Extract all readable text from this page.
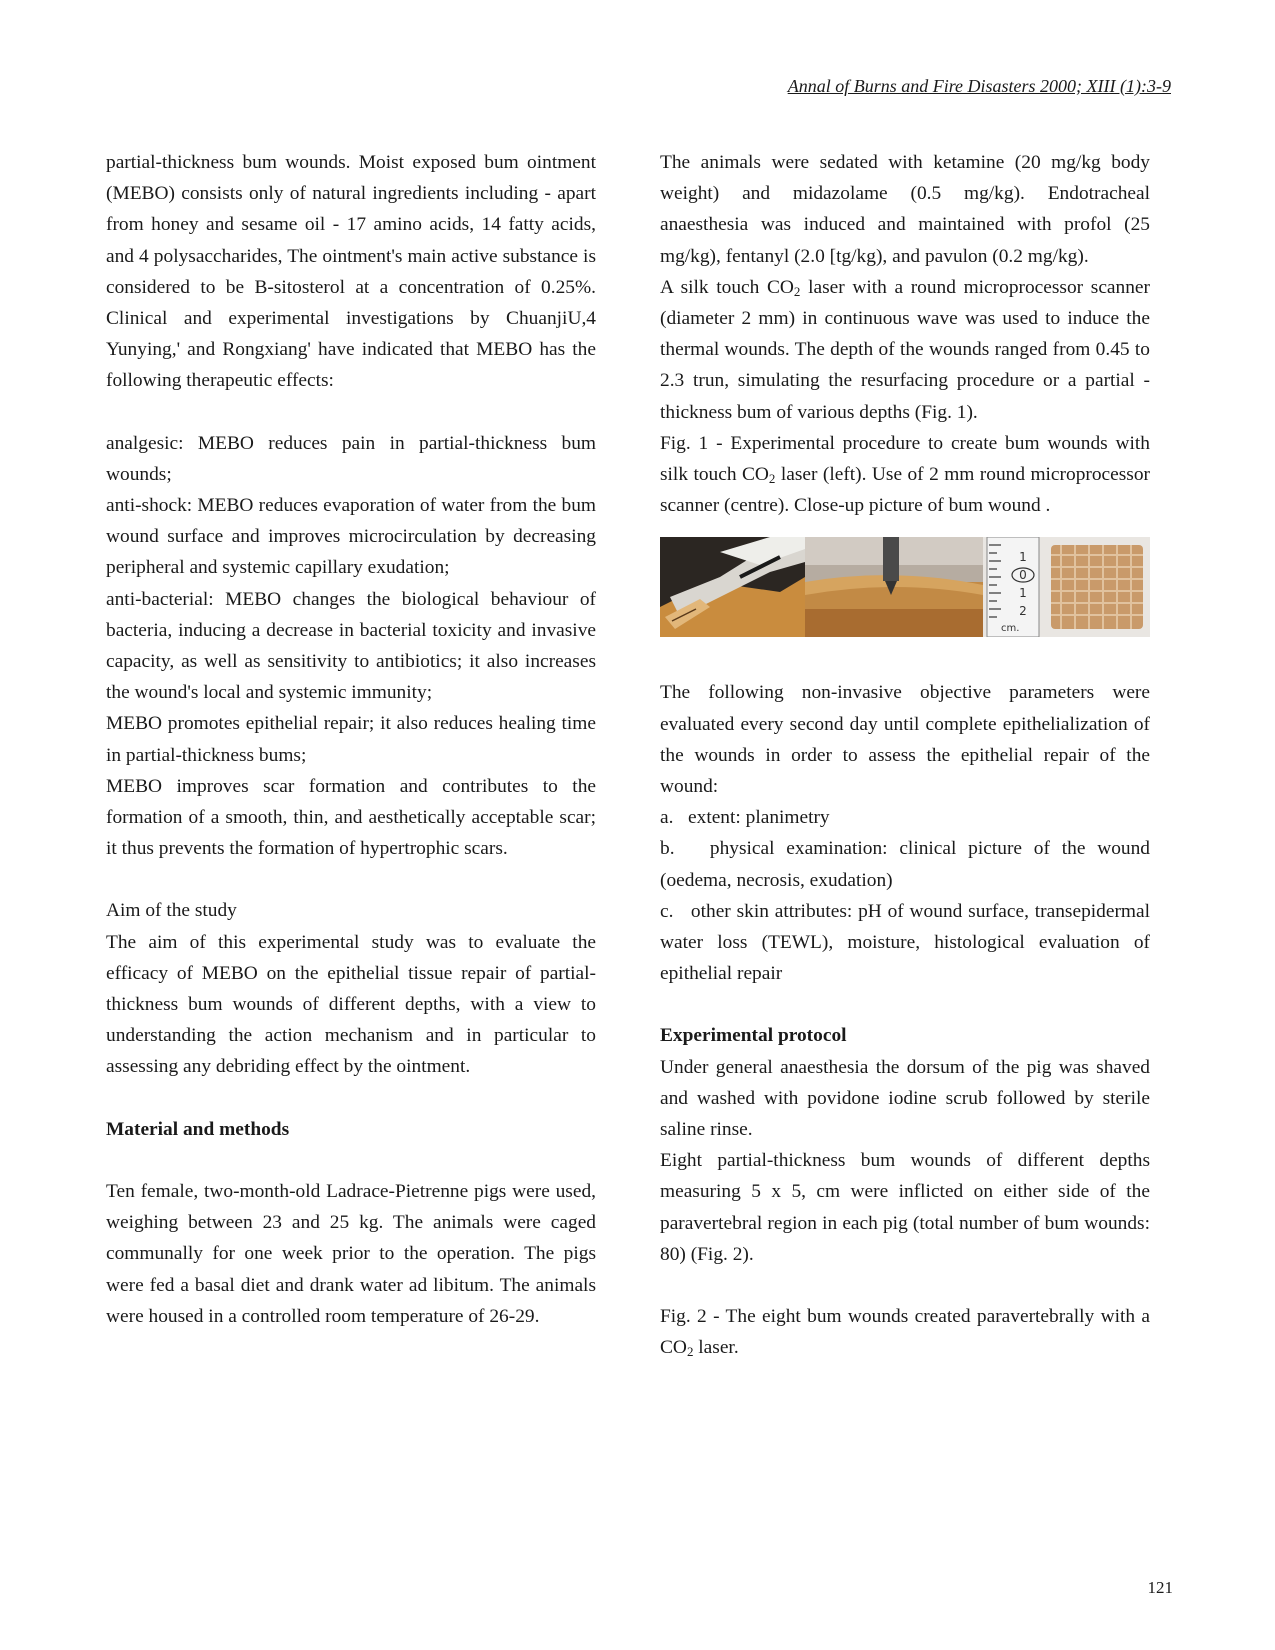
Annal of Burns and Fire Disasters 2000; XIII (1):3-9

partial-thickness bum wounds. Moist exposed bum ointment (MEBO) consists only of natural ingredients including - apart from honey and sesame oil - 17 amino acids, 14 fatty acids, and 4 polysaccharides, The ointment's main active substance is considered to be B-sitosterol at a concentration of 0.25%. Clinical and experimental investigations by ChuanjiU,4 Yunying,' and Rongxiang' have indicated that MEBO has the following therapeutic effects:

analgesic: MEBO reduces pain in partial-thickness bum wounds;

anti-shock: MEBO reduces evaporation of water from the bum wound surface and improves microcirculation by decreasing peripheral and systemic capillary exudation;

anti-bacterial: MEBO changes the biological behaviour of bacteria, inducing a decrease in bacterial toxicity and invasive capacity, as well as sensitivity to antibiotics; it also increases the wound's local and systemic immunity;

MEBO promotes epithelial repair; it also reduces healing time in partial-thickness bums;

MEBO improves scar formation and contributes to the formation of a smooth, thin, and aesthetically acceptable scar; it thus prevents the formation of hypertrophic scars.

Aim of the study

The aim of this experimental study was to evaluate the efficacy of MEBO on the epithelial tissue repair of partial-thickness bum wounds of different depths, with a view to understanding the action mechanism and in particular to assessing any debriding effect by the ointment.

Material and methods

Ten female, two-month-old Ladrace-Pietrenne pigs were used, weighing between 23 and 25 kg. The animals were caged communally for one week prior to the operation. The pigs were fed a basal diet and drank water ad libitum. The animals were housed in a controlled room temperature of 26-29.

The animals were sedated with ketamine (20 mg/kg body weight) and midazolame (0.5 mg/kg). Endotracheal anaesthesia was induced and maintained with profol (25 mg/kg), fentanyl (2.0 [tg/kg), and pavulon (0.2 mg/kg).

A silk touch $CO_2$ laser with a round microprocessor scanner (diameter 2 mm) in continuous wave was used to induce the thermal wounds. The depth of the wounds ranged from 0.45 to 2.3 trun, simulating the resurfacing procedure or a partial -thickness bum of various depths (Fig. 1).

Fig. 1 - Experimental procedure to create bum wounds with silk touch $CO_2$ laser (left). Use of 2 mm round microprocessor scanner (centre). Close-up picture of bum wound .

1
0
1
2
cm.

The following non-invasive objective parameters were evaluated every second day until complete epithelialization of the wounds in order to assess the epithelial repair of the wound:

a. extent: planimetry

b. physical examination: clinical picture of the wound (oedema, necrosis, exudation)

c. other skin attributes: pH of wound surface, transepidermal water loss (TEWL), moisture, histological evaluation of epithelial repair

Experimental protocol

Under general anaesthesia the dorsum of the pig was shaved and washed with povidone iodine scrub followed by sterile saline rinse.

Eight partial-thickness bum wounds of different depths measuring 5 x 5, cm were inflicted on either side of the paravertebral region in each pig (total number of bum wounds: 80) (Fig. 2).

Fig. 2 - The eight bum wounds created paravertebrally with a $CO_2$ laser.

121
